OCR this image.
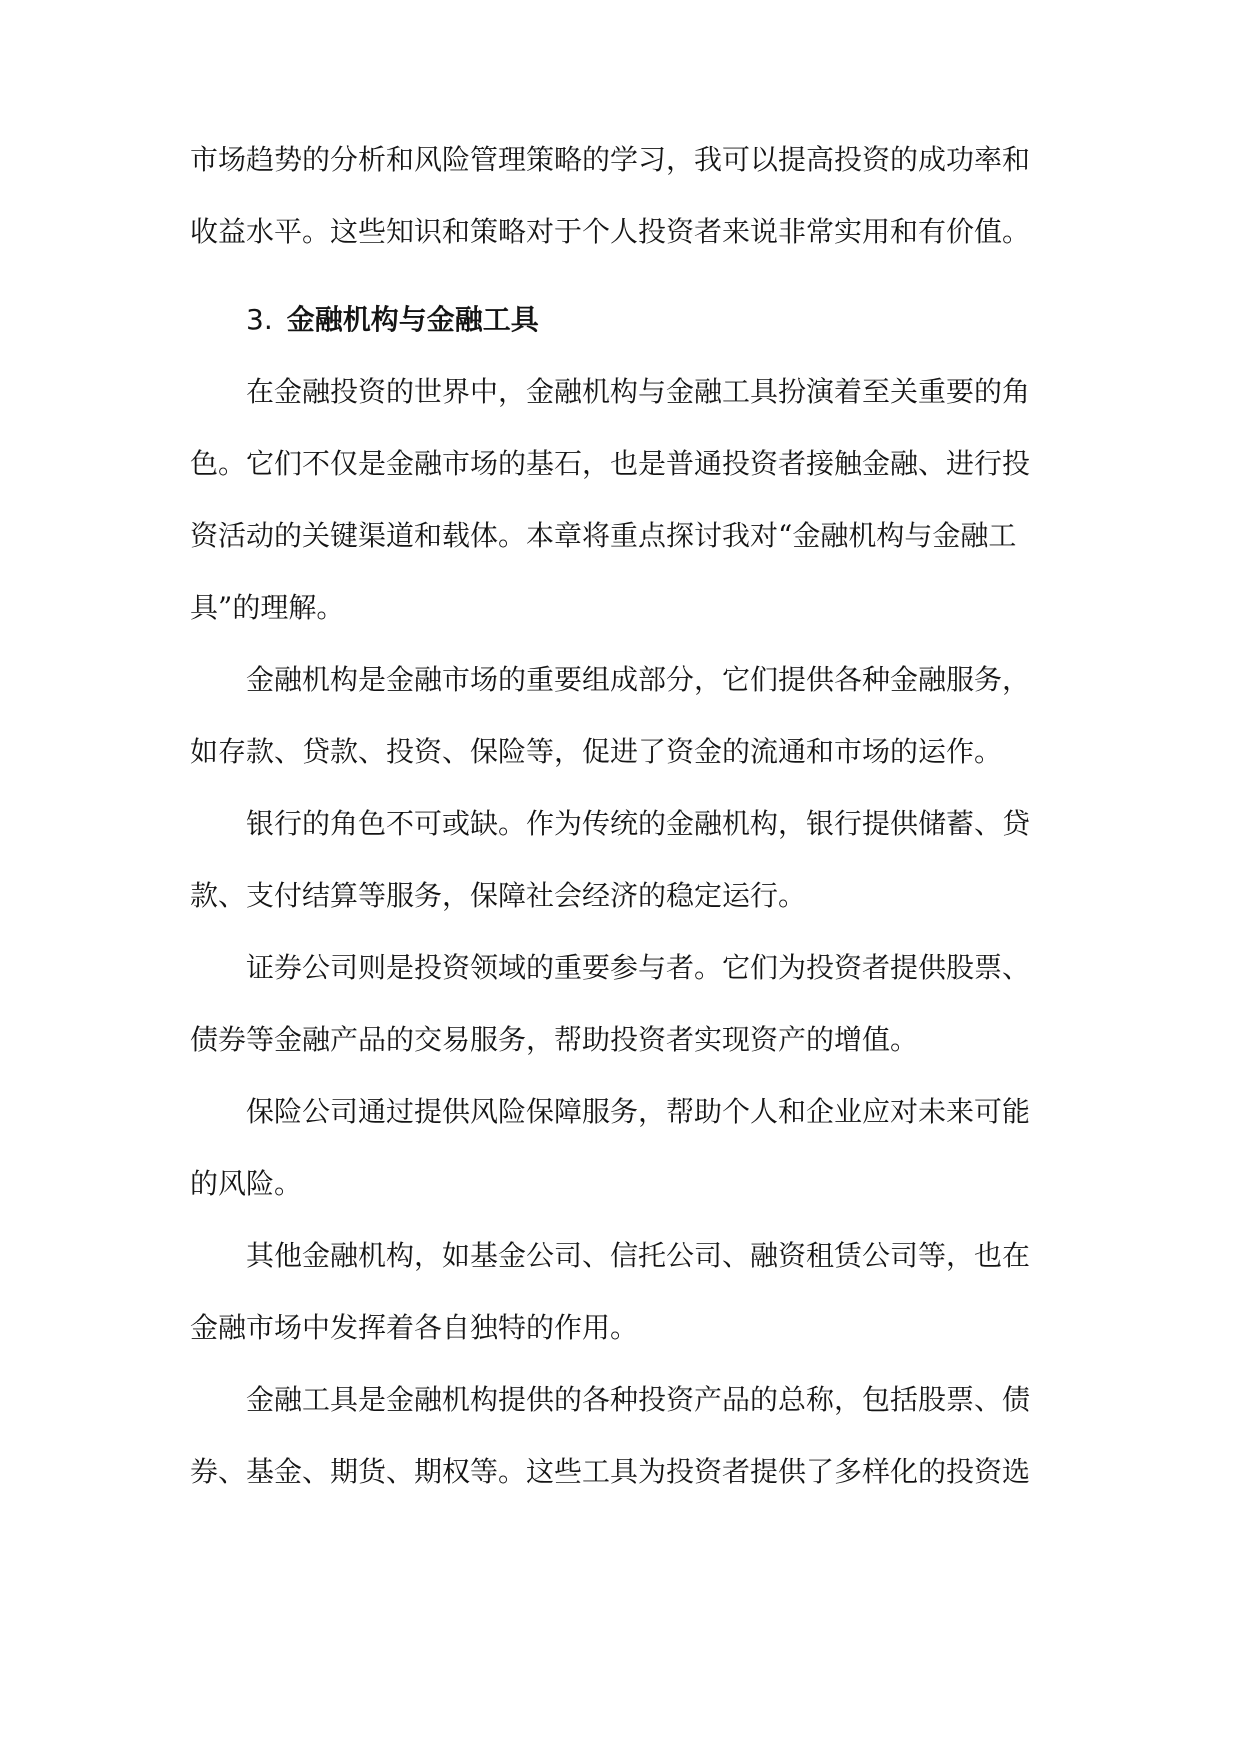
市场趋势的分析和风险管理策略的学习，我可以提高投资的成功率和
收益水平。这些知识和策略对于个人投资者来说非常实用和有价值。

3. 金融机构与金融工具

在金融投资的世界中，金融机构与金融工具扮演着至关重要的角
色。它们不仅是金融市场的基石，也是普通投资者接触金融、进行投
资活动的关键渠道和载体。本章将重点探讨我对“金融机构与金融工
具”的理解。

金融机构是金融市场的重要组成部分，它们提供各种金融服务，
如存款、贷款、投资、保险等，促进了资金的流通和市场的运作。

银行的角色不可或缺。作为传统的金融机构，银行提供储蓄、贷
款、支付结算等服务，保障社会经济的稳定运行。

证券公司则是投资领域的重要参与者。它们为投资者提供股票、
债券等金融产品的交易服务，帮助投资者实现资产的增值。

保险公司通过提供风险保障服务，帮助个人和企业应对未来可能
的风险。

其他金融机构，如基金公司、信托公司、融资租赁公司等，也在
金融市场中发挥着各自独特的作用。

金融工具是金融机构提供的各种投资产品的总称，包括股票、债
券、基金、期货、期权等。这些工具为投资者提供了多样化的投资选
